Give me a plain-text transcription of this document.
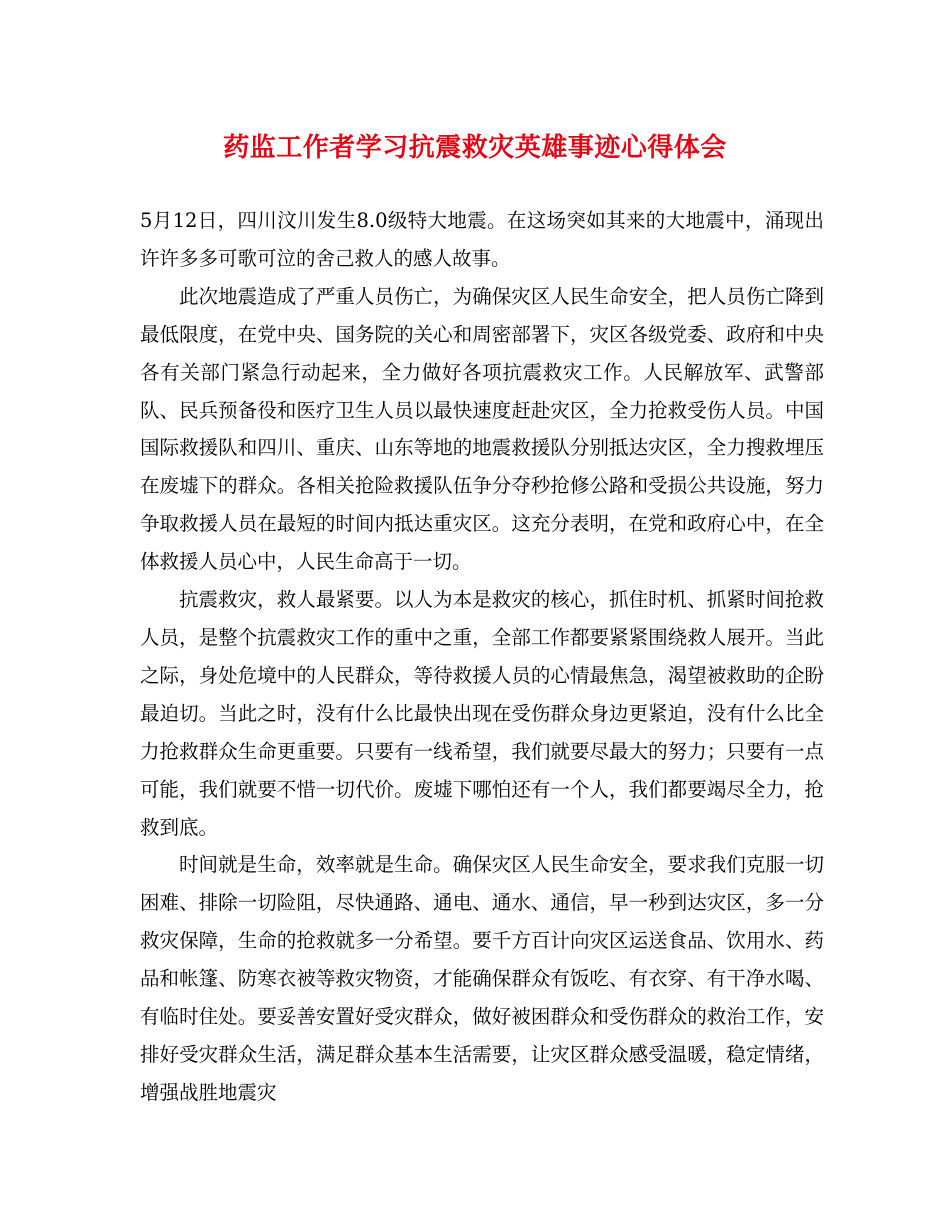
药监工作者学习抗震救灾英雄事迹心得体会

5月12日，四川汶川发生8.0级特大地震。在这场突如其来的大地震中，涌现出许许多多可歌可泣的舍己救人的感人故事。

此次地震造成了严重人员伤亡，为确保灾区人民生命安全，把人员伤亡降到最低限度，在党中央、国务院的关心和周密部署下，灾区各级党委、政府和中央各有关部门紧急行动起来，全力做好各项抗震救灾工作。人民解放军、武警部队、民兵预备役和医疗卫生人员以最快速度赶赴灾区，全力抢救受伤人员。中国国际救援队和四川、重庆、山东等地的地震救援队分别抵达灾区，全力搜救埋压在废墟下的群众。各相关抢险救援队伍争分夺秒抢修公路和受损公共设施，努力争取救援人员在最短的时间内抵达重灾区。这充分表明，在党和政府心中，在全体救援人员心中，人民生命高于一切。

抗震救灾，救人最紧要。以人为本是救灾的核心，抓住时机、抓紧时间抢救人员，是整个抗震救灾工作的重中之重，全部工作都要紧紧围绕救人展开。当此之际，身处危境中的人民群众，等待救援人员的心情最焦急，渴望被救助的企盼最迫切。当此之时，没有什么比最快出现在受伤群众身边更紧迫，没有什么比全力抢救群众生命更重要。只要有一线希望，我们就要尽最大的努力；只要有一点可能，我们就要不惜一切代价。废墟下哪怕还有一个人，我们都要竭尽全力，抢救到底。

时间就是生命，效率就是生命。确保灾区人民生命安全，要求我们克服一切困难、排除一切险阻，尽快通路、通电、通水、通信，早一秒到达灾区，多一分救灾保障，生命的抢救就多一分希望。要千方百计向灾区运送食品、饮用水、药品和帐篷、防寒衣被等救灾物资，才能确保群众有饭吃、有衣穿、有干净水喝、有临时住处。要妥善安置好受灾群众，做好被困群众和受伤群众的救治工作，安排好受灾群众生活，满足群众基本生活需要，让灾区群众感受温暖，稳定情绪，增强战胜地震灾
